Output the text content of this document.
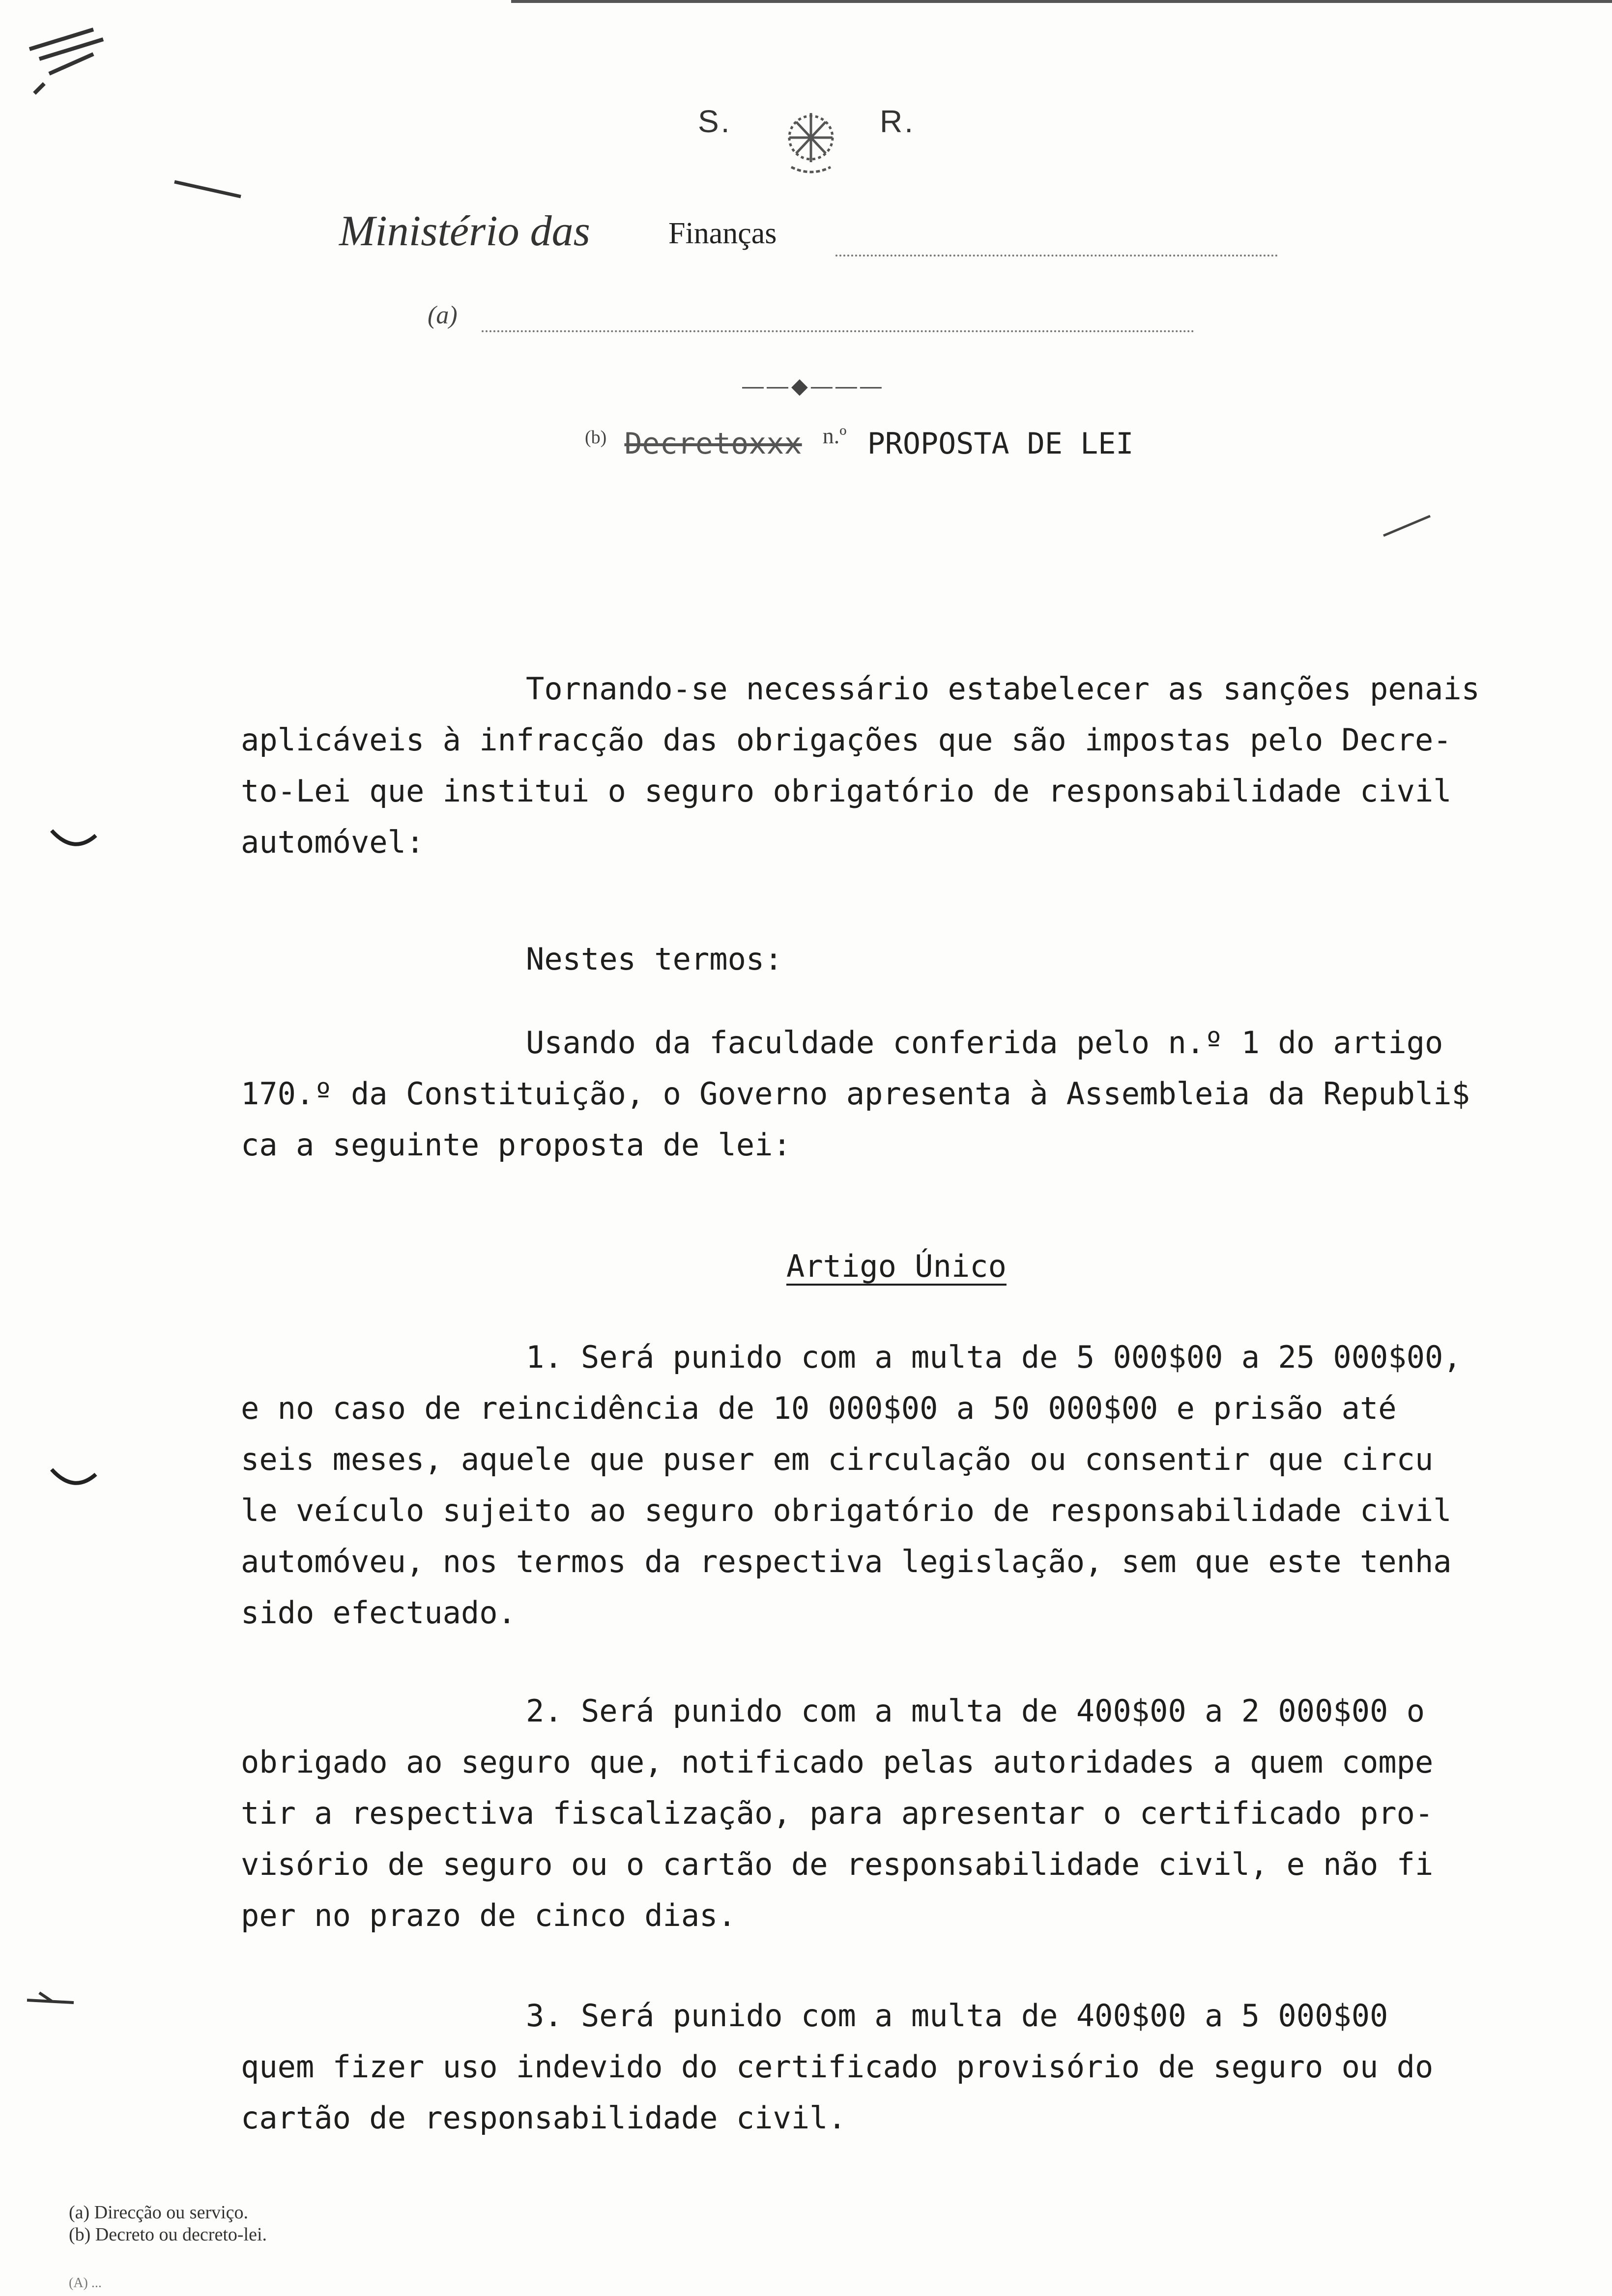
S.	R.
Ministério das	Finanças
(a)
——◆———
$^{(b)}$ Decretoxxx $^{n.º}$ PROPOSTA DE LEI
Tornando-se necessário estabelecer as sanções penais
aplicáveis à infracção das obrigações que são impostas pelo Decre-
to-Lei que institui o seguro obrigatório de responsabilidade civil
automóvel:
Nestes termos:
Usando da faculdade conferida pelo n.º 1 do artigo
170.º da Constituição, o Governo apresenta à Assembleia da Republi$
ca a seguinte proposta de lei:
Artigo Único
1. Será punido com a multa de 5 000$00 a 25 000$00,
e no caso de reincidência de 10 000$00 a 50 000$00 e prisão até
seis meses, aquele que puser em circulação ou consentir que circu
le veículo sujeito ao seguro obrigatório de responsabilidade civil
automóveu, nos termos da respectiva legislação, sem que este tenha
sido efectuado.
2. Será punido com a multa de 400$00 a 2 000$00 o
obrigado ao seguro que, notificado pelas autoridades a quem compe
tir a respectiva fiscalização, para apresentar o certificado pro-
visório de seguro ou o cartão de responsabilidade civil, e não fi
per no prazo de cinco dias.
3. Será punido com a multa de 400$00 a 5 000$00
quem fizer uso indevido do certificado provisório de seguro ou do
cartão de responsabilidade civil.
(a) Direcção ou serviço.
(b) Decreto ou decreto-lei.
(A) ...
